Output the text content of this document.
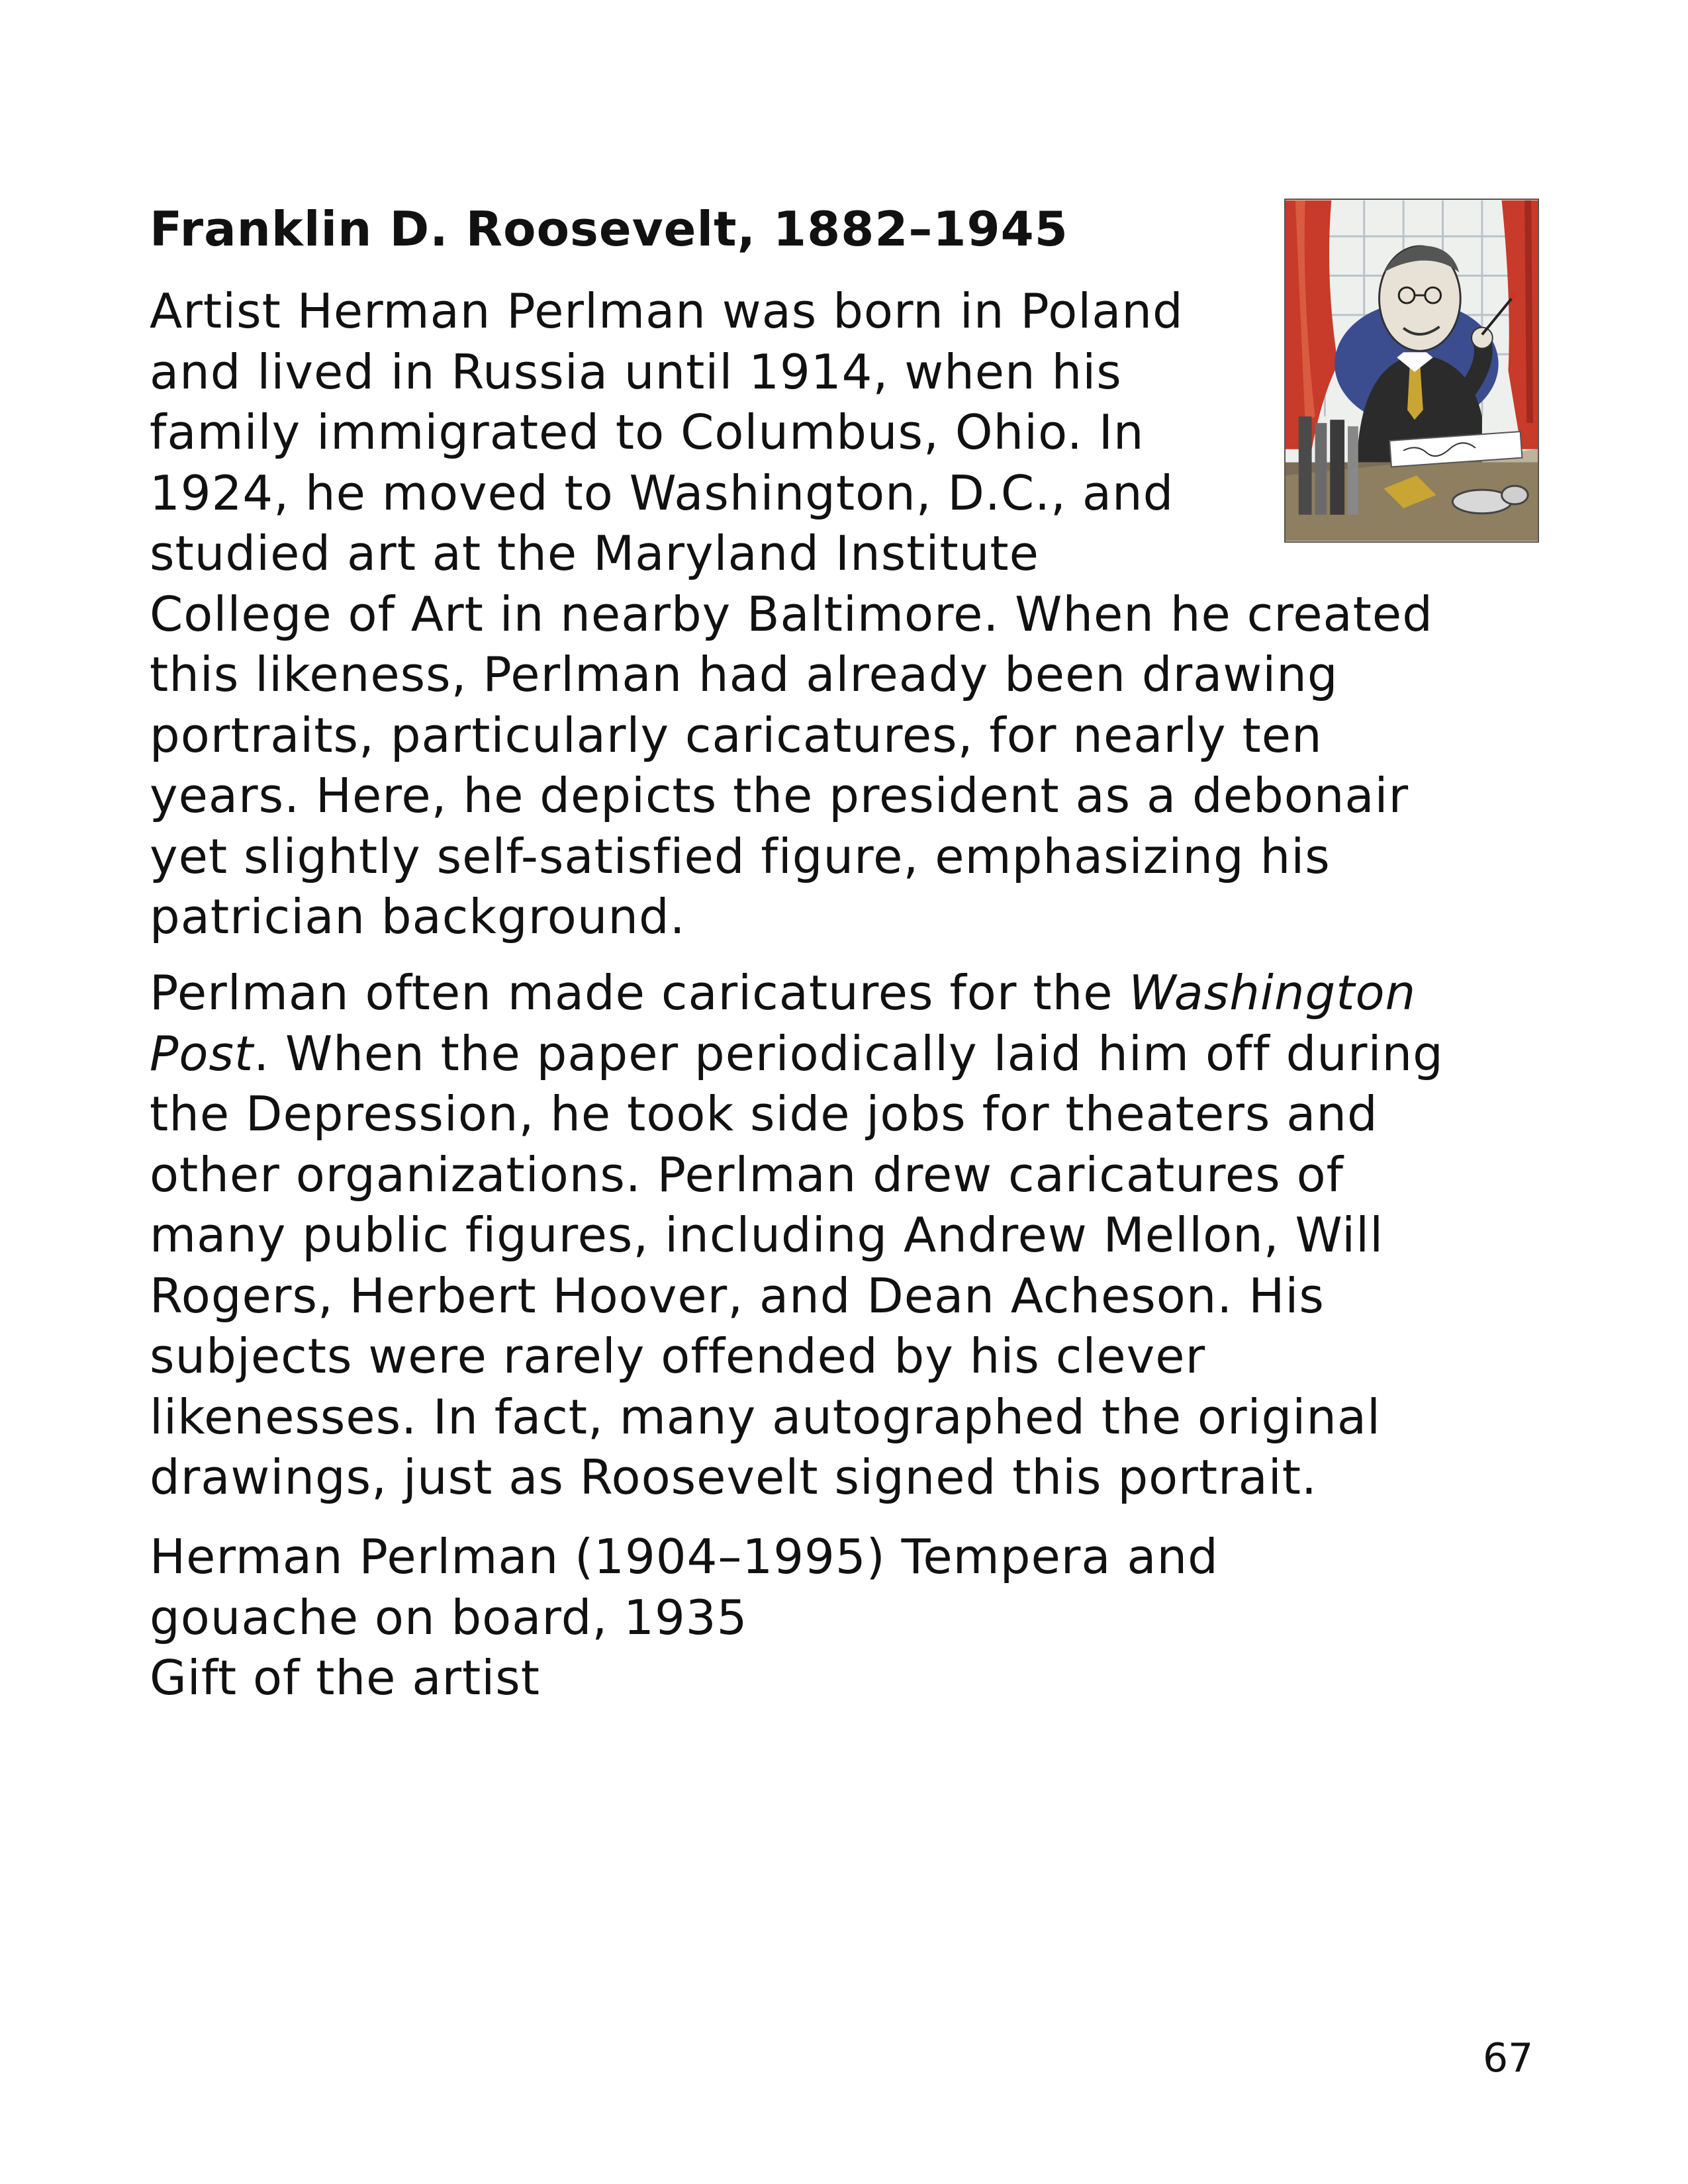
Franklin D. Roosevelt, 1882–1945
Artist Herman Perlman was born in Poland
and lived in Russia until 1914, when his
family immigrated to Columbus, Ohio. In
1924, he moved to Washington, D.C., and
studied art at the Maryland Institute
College of Art in nearby Baltimore. When he created
this likeness, Perlman had already been drawing
portraits, particularly caricatures, for nearly ten
years. Here, he depicts the president as a debonair
yet slightly self-satisfied figure, emphasizing his
patrician background.
Perlman often made caricatures for the Washington
Post. When the paper periodically laid him off during
the Depression, he took side jobs for theaters and
other organizations. Perlman drew caricatures of
many public figures, including Andrew Mellon, Will
Rogers, Herbert Hoover, and Dean Acheson. His
subjects were rarely offended by his clever
likenesses. In fact, many autographed the original
drawings, just as Roosevelt signed this portrait.
Herman Perlman (1904–1995) Tempera and
gouache on board, 1935
Gift of the artist
67
